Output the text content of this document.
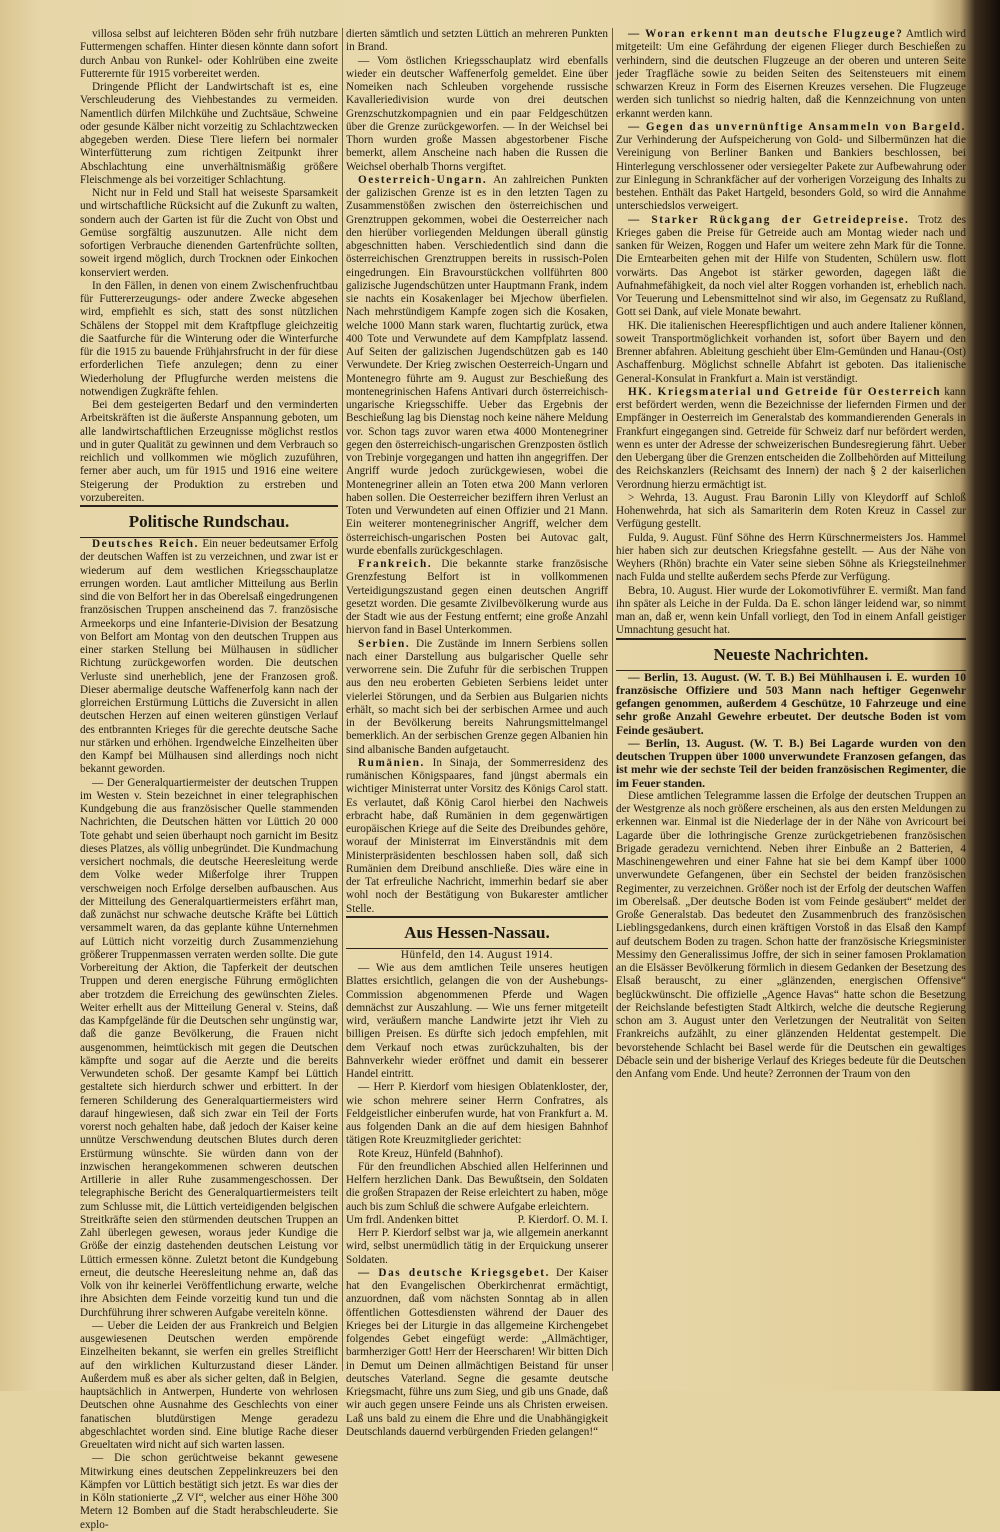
villosa selbst auf leichteren Böden sehr früh nutzbare Futtermengen schaffen. Hinter diesen könnte dann sofort durch Anbau von Runkel- oder Kohlrüben eine zweite Futterernte für 1915 vorbereitet werden.

Dringende Pflicht der Landwirtschaft ist es, eine Verschleuderung des Viehbestandes zu vermeiden. Namentlich dürfen Milchkühe und Zuchtsäue, Schweine oder gesunde Kälber nicht vorzeitig zu Schlachtzwecken abgegeben werden. Diese Tiere liefern bei normaler Winterfütterung zum richtigen Zeitpunkt ihrer Abschlachtung eine unverhältnismäßig größere Fleischmenge als bei vorzeitiger Schlachtung.

Nicht nur in Feld und Stall hat weiseste Sparsamkeit und wirtschaftliche Rücksicht auf die Zukunft zu walten, sondern auch der Garten ist für die Zucht von Obst und Gemüse sorgfältig auszunutzen. Alle nicht dem sofortigen Verbrauche dienenden Gartenfrüchte sollten, soweit irgend möglich, durch Trocknen oder Einkochen konserviert werden.

In den Fällen, in denen von einem Zwischenfruchtbau für Futtererzeugungs- oder andere Zwecke abgesehen wird, empfiehlt es sich, statt des sonst nützlichen Schälens der Stoppel mit dem Kraftpfluge gleichzeitig die Saatfurche für die Winterung oder die Winterfurche für die 1915 zu bauende Frühjahrsfrucht in der für diese erforderlichen Tiefe anzulegen; denn zu einer Wiederholung der Pflugfurche werden meistens die notwendigen Zugkräfte fehlen.

Bei dem gesteigerten Bedarf und den verminderten Arbeitskräften ist die äußerste Anspannung geboten, um alle landwirtschaftlichen Erzeugnisse möglichst restlos und in guter Qualität zu gewinnen und dem Verbrauch so reichlich und vollkommen wie möglich zuzuführen, ferner aber auch, um für 1915 und 1916 eine weitere Steigerung der Produktion zu erstreben und vorzubereiten.

Politische Rundschau.

Deutsches Reich. Ein neuer bedeutsamer Erfolg der deutschen Waffen ist zu verzeichnen, und zwar ist er wiederum auf dem westlichen Kriegsschauplatze errungen worden. Laut amtlicher Mitteilung aus Berlin sind die von Belfort her in das Oberelsaß eingedrungenen französischen Truppen anscheinend das 7. französische Armeekorps und eine Infanterie-Division der Besatzung von Belfort am Montag von den deutschen Truppen aus einer starken Stellung bei Mülhausen in südlicher Richtung zurückgeworfen worden. Die deutschen Verluste sind unerheblich, jene der Franzosen groß. Dieser abermalige deutsche Waffenerfolg kann nach der glorreichen Erstürmung Lüttichs die Zuversicht in allen deutschen Herzen auf einen weiteren günstigen Verlauf des entbrannten Krieges für die gerechte deutsche Sache nur stärken und erhöhen. Irgendwelche Einzelheiten über den Kampf bei Mülhausen sind allerdings noch nicht bekannt geworden.

— Der Generalquartiermeister der deutschen Truppen im Westen v. Stein bezeichnet in einer telegraphischen Kundgebung die aus französischer Quelle stammenden Nachrichten, die Deutschen hätten vor Lüttich 20 000 Tote gehabt und seien überhaupt noch garnicht im Besitz dieses Platzes, als völlig unbegründet. Die Kundmachung versichert nochmals, die deutsche Heeresleitung werde dem Volke weder Mißerfolge ihrer Truppen verschweigen noch Erfolge derselben aufbauschen. Aus der Mitteilung des Generalquartiermeisters erfährt man, daß zunächst nur schwache deutsche Kräfte bei Lüttich versammelt waren, da das geplante kühne Unternehmen auf Lüttich nicht vorzeitig durch Zusammenziehung größerer Truppenmassen verraten werden sollte. Die gute Vorbereitung der Aktion, die Tapferkeit der deutschen Truppen und deren energische Führung ermöglichten aber trotzdem die Erreichung des gewünschten Zieles. Weiter erhellt aus der Mitteilung General v. Steins, daß das Kampfgelände für die Deutschen sehr ungünstig war, daß die ganze Bevölkerung, die Frauen nicht ausgenommen, heimtückisch mit gegen die Deutschen kämpfte und sogar auf die Aerzte und die bereits Verwundeten schoß. Der gesamte Kampf bei Lüttich gestaltete sich hierdurch schwer und erbittert. In der ferneren Schilderung des Generalquartiermeisters wird darauf hingewiesen, daß sich zwar ein Teil der Forts vorerst noch gehalten habe, daß jedoch der Kaiser keine unnütze Verschwendung deutschen Blutes durch deren Erstürmung wünschte. Sie würden dann von der inzwischen herangekommenen schweren deutschen Artillerie in aller Ruhe zusammengeschossen. Der telegraphische Bericht des Generalquartiermeisters teilt zum Schlusse mit, die Lüttich verteidigenden belgischen Streitkräfte seien den stürmenden deutschen Truppen an Zahl überlegen gewesen, woraus jeder Kundige die Größe der einzig dastehenden deutschen Leistung vor Lüttich ermessen könne. Zuletzt betont die Kundgebung erneut, die deutsche Heeresleitung nehme an, daß das Volk von ihr keinerlei Veröffentlichung erwarte, welche ihre Absichten dem Feinde vorzeitig kund tun und die Durchführung ihrer schweren Aufgabe vereiteln könne.

— Ueber die Leiden der aus Frankreich und Belgien ausgewiesenen Deutschen werden empörende Einzelheiten bekannt, sie werfen ein grelles Streiflicht auf den wirklichen Kulturzustand dieser Länder. Außerdem muß es aber als sicher gelten, daß in Belgien, hauptsächlich in Antwerpen, Hunderte von wehrlosen Deutschen ohne Ausnahme des Geschlechts von einer fanatischen blutdürstigen Menge geradezu abgeschlachtet worden sind. Eine blutige Rache dieser Greueltaten wird nicht auf sich warten lassen.

— Die schon gerüchtweise bekannt gewesene Mitwirkung eines deutschen Zeppelinkreuzers bei den Kämpfen vor Lüttich bestätigt sich jetzt. Es war dies der in Köln stationierte „Z VI“, welcher aus einer Höhe 300 Metern 12 Bomben auf die Stadt herabschleuderte. Sie explo-

dierten sämtlich und setzten Lüttich an mehreren Punkten in Brand.

— Vom östlichen Kriegsschauplatz wird ebenfalls wieder ein deutscher Waffenerfolg gemeldet. Eine über Nomeiken nach Schleuben vorgehende russische Kavalleriedivision wurde von drei deutschen Grenzschutzkompagnien und ein paar Feldgeschützen über die Grenze zurückgeworfen. — In der Weichsel bei Thorn wurden große Massen abgestorbener Fische bemerkt, allem Anscheine nach haben die Russen die Weichsel oberhalb Thorns vergiftet.

Oesterreich-Ungarn. An zahlreichen Punkten der galizischen Grenze ist es in den letzten Tagen zu Zusammenstößen zwischen den österreichischen und Grenztruppen gekommen, wobei die Oesterreicher nach den hierüber vorliegenden Meldungen überall günstig abgeschnitten haben. Verschiedentlich sind dann die österreichischen Grenztruppen bereits in russisch-Polen eingedrungen. Ein Bravourstückchen vollführten 800 galizische Jugendschützen unter Hauptmann Frank, indem sie nachts ein Kosakenlager bei Mjechow überfielen. Nach mehrstündigem Kampfe zogen sich die Kosaken, welche 1000 Mann stark waren, fluchtartig zurück, etwa 400 Tote und Verwundete auf dem Kampfplatz lassend. Auf Seiten der galizischen Jugendschützen gab es 140 Verwundete. Der Krieg zwischen Oesterreich-Ungarn und Montenegro führte am 9. August zur Beschießung des montenegrinischen Hafens Antivari durch österreichisch-ungarische Kriegsschiffe. Ueber das Ergebnis der Beschießung lag bis Dienstag noch keine nähere Meldung vor. Schon tags zuvor waren etwa 4000 Montenegriner gegen den österreichisch-ungarischen Grenzposten östlich von Trebinje vorgegangen und hatten ihn angegriffen. Der Angriff wurde jedoch zurückgewiesen, wobei die Montenegriner allein an Toten etwa 200 Mann verloren haben sollen. Die Oesterreicher beziffern ihren Verlust an Toten und Verwundeten auf einen Offizier und 21 Mann. Ein weiterer montenegrinischer Angriff, welcher dem österreichisch-ungarischen Posten bei Autovac galt, wurde ebenfalls zurückgeschlagen.

Frankreich. Die bekannte starke französische Grenzfestung Belfort ist in vollkommenen Verteidigungszustand gegen einen deutschen Angriff gesetzt worden. Die gesamte Zivilbevölkerung wurde aus der Stadt wie aus der Festung entfernt; eine große Anzahl hiervon fand in Basel Unterkommen.

Serbien. Die Zustände im Innern Serbiens sollen nach einer Darstellung aus bulgarischer Quelle sehr verworrene sein. Die Zufuhr für die serbischen Truppen aus den neu eroberten Gebieten Serbiens leidet unter vielerlei Störungen, und da Serbien aus Bulgarien nichts erhält, so macht sich bei der serbischen Armee und auch in der Bevölkerung bereits Nahrungsmittelmangel bemerklich. An der serbischen Grenze gegen Albanien hin sind albanische Banden aufgetaucht.

Rumänien. In Sinaja, der Sommerresidenz des rumänischen Königspaares, fand jüngst abermals ein wichtiger Ministerrat unter Vorsitz des Königs Carol statt. Es verlautet, daß König Carol hierbei den Nachweis erbracht habe, daß Rumänien in dem gegenwärtigen europäischen Kriege auf die Seite des Dreibundes gehöre, worauf der Ministerrat im Einverständnis mit dem Ministerpräsidenten beschlossen haben soll, daß sich Rumänien dem Dreibund anschließe. Dies wäre eine in der Tat erfreuliche Nachricht, immerhin bedarf sie aber wohl noch der Bestätigung von Bukarester amtlicher Stelle.

Aus Hessen-Nassau.

Hünfeld, den 14. August 1914.

— Wie aus dem amtlichen Teile unseres heutigen Blattes ersichtlich, gelangen die von der Aushebungs-Commission abgenommenen Pferde und Wagen demnächst zur Auszahlung. — Wie uns ferner mitgeteilt wird, veräußern manche Landwirte jetzt ihr Vieh zu billigen Preisen. Es dürfte sich jedoch empfehlen, mit dem Verkauf noch etwas zurückzuhalten, bis der Bahnverkehr wieder eröffnet und damit ein besserer Handel eintritt.

— Herr P. Kierdorf vom hiesigen Oblatenkloster, der, wie schon mehrere seiner Herrn Confratres, als Feldgeistlicher einberufen wurde, hat von Frankfurt a. M. aus folgenden Dank an die auf dem hiesigen Bahnhof tätigen Rote Kreuzmitglieder gerichtet:

Rote Kreuz, Hünfeld (Bahnhof).

Für den freundlichen Abschied allen Helferinnen und Helfern herzlichen Dank. Das Bewußtsein, den Soldaten die großen Strapazen der Reise erleichtert zu haben, möge auch bis zum Schluß die schwere Aufgabe erleichtern.

Um frdl. Andenken bittet	P. Kierdorf. O. M. I.

Herr P. Kierdorf selbst war ja, wie allgemein anerkannt wird, selbst unermüdlich tätig in der Erquickung unserer Soldaten.

— Das deutsche Kriegsgebet. Der Kaiser hat den Evangelischen Oberkirchenrat ermächtigt, anzuordnen, daß vom nächsten Sonntag ab in allen öffentlichen Gottesdiensten während der Dauer des Krieges bei der Liturgie in das allgemeine Kirchengebet folgendes Gebet eingefügt werde: „Allmächtiger, barmherziger Gott! Herr der Heerscharen! Wir bitten Dich in Demut um Deinen allmächtigen Beistand für unser deutsches Vaterland. Segne die gesamte deutsche Kriegsmacht, führe uns zum Sieg, und gib uns Gnade, daß wir auch gegen unsere Feinde uns als Christen erweisen. Laß uns bald zu einem die Ehre und die Unabhängigkeit Deutschlands dauernd verbürgenden Frieden gelangen!“

— Woran erkennt man deutsche Flugzeuge? Amtlich wird mitgeteilt: Um eine Gefährdung der eigenen Flieger durch Beschießen zu verhindern, sind die deutschen Flugzeuge an der oberen und unteren Seite jeder Tragfläche sowie zu beiden Seiten des Seitensteuers mit einem schwarzen Kreuz in Form des Eisernen Kreuzes versehen. Die Flugzeuge werden sich tunlichst so niedrig halten, daß die Kennzeichnung von unten erkannt werden kann.

— Gegen das unvernünftige Ansammeln von Bargeld. Zur Verhinderung der Aufspeicherung von Gold- und Silbermünzen hat die Vereinigung von Berliner Banken und Bankiers beschlossen, bei Hinterlegung verschlossener oder versiegelter Pakete zur Aufbewahrung oder zur Einlegung in Schrankfächer auf der vorherigen Vorzeigung des Inhalts zu bestehen. Enthält das Paket Hartgeld, besonders Gold, so wird die Annahme unterschiedslos verweigert.

— Starker Rückgang der Getreidepreise. Trotz des Krieges gaben die Preise für Getreide auch am Montag wieder nach und sanken für Weizen, Roggen und Hafer um weitere zehn Mark für die Tonne. Die Erntearbeiten gehen mit der Hilfe von Studenten, Schülern usw. flott vorwärts. Das Angebot ist stärker geworden, dagegen läßt die Aufnahmefähigkeit, da noch viel alter Roggen vorhanden ist, erheblich nach. Vor Teuerung und Lebensmittelnot sind wir also, im Gegensatz zu Rußland, Gott sei Dank, auf viele Monate bewahrt.

HK. Die italienischen Heerespflichtigen und auch andere Italiener können, soweit Transportmöglichkeit vorhanden ist, sofort über Bayern und den Brenner abfahren. Ableitung geschieht über Elm-Gemünden und Hanau-(Ost) Aschaffenburg. Möglichst schnelle Abfahrt ist geboten. Das italienische General-Konsulat in Frankfurt a. Main ist verständigt.

HK. Kriegsmaterial und Getreide für Oesterreich kann erst befördert werden, wenn die Bezeichnisse der liefernden Firmen und der Empfänger in Oesterreich im Generalstab des kommandierenden Generals in Frankfurt eingegangen sind. Getreide für Schweiz darf nur befördert werden, wenn es unter der Adresse der schweizerischen Bundesregierung fährt. Ueber den Uebergang über die Grenzen entscheiden die Zollbehörden auf Mitteilung des Reichskanzlers (Reichsamt des Innern) der nach § 2 der kaiserlichen Verordnung hierzu ermächtigt ist.

> Wehrda, 13. August. Frau Baronin Lilly von Kleydorff auf Schloß Hohenwehrda, hat sich als Samariterin dem Roten Kreuz in Cassel zur Verfügung gestellt.

Fulda, 9. August. Fünf Söhne des Herrn Kürschnermeisters Jos. Hammel hier haben sich zur deutschen Kriegsfahne gestellt. — Aus der Nähe von Weyhers (Rhön) brachte ein Vater seine sieben Söhne als Kriegsteilnehmer nach Fulda und stellte außerdem sechs Pferde zur Verfügung.

Bebra, 10. August. Hier wurde der Lokomotivführer E. vermißt. Man fand ihn später als Leiche in der Fulda. Da E. schon länger leidend war, so nimmt man an, daß er, wenn kein Unfall vorliegt, den Tod in einem Anfall geistiger Umnachtung gesucht hat.

Neueste Nachrichten.

— Berlin, 13. August. (W. T. B.) Bei Mühlhausen i. E. wurden 10 französische Offiziere und 503 Mann nach heftiger Gegenwehr gefangen genommen, außerdem 4 Geschütze, 10 Fahrzeuge und eine sehr große Anzahl Gewehre erbeutet. Der deutsche Boden ist vom Feinde gesäubert.

— Berlin, 13. August. (W. T. B.) Bei Lagarde wurden von den deutschen Truppen über 1000 unverwundete Franzosen gefangen, das ist mehr wie der sechste Teil der beiden französischen Regimenter, die im Feuer standen.

Diese amtlichen Telegramme lassen die Erfolge der deutschen Truppen an der Westgrenze als noch größere erscheinen, als aus den ersten Meldungen zu erkennen war. Einmal ist die Niederlage der in der Nähe von Avricourt bei Lagarde über die lothringische Grenze zurückgetriebenen französischen Brigade geradezu vernichtend. Neben ihrer Einbuße an 2 Batterien, 4 Maschinengewehren und einer Fahne hat sie bei dem Kampf über 1000 unverwundete Gefangenen, über ein Sechstel der beiden französischen Regimenter, zu verzeichnen. Größer noch ist der Erfolg der deutschen Waffen im Oberelsaß. „Der deutsche Boden ist vom Feinde gesäubert“ meldet der Große Generalstab. Das bedeutet den Zusammenbruch des französischen Lieblingsgedankens, durch einen kräftigen Vorstoß in das Elsaß den Kampf auf deutschem Boden zu tragen. Schon hatte der französische Kriegsminister Messimy den Generalissimus Joffre, der sich in seiner famosen Proklamation an die Elsässer Bevölkerung förmlich in diesem Gedanken der Besetzung des Elsaß berauscht, zu einer „glänzenden, energischen Offensive“ beglückwünscht. Die offizielle „Agence Havas“ hatte schon die Besetzung der Reichslande befestigten Stadt Altkirch, welche die deutsche Regierung schon am 3. August unter den Verletzungen der Neutralität von Seiten Frankreichs aufzählt, zu einer glänzenden Heldentat gestempelt. Die bevorstehende Schlacht bei Basel werde für die Deutschen ein gewaltiges Débacle sein und der bisherige Verlauf des Krieges bedeute für die Deutschen den Anfang vom Ende. Und heute? Zerronnen der Traum von den
